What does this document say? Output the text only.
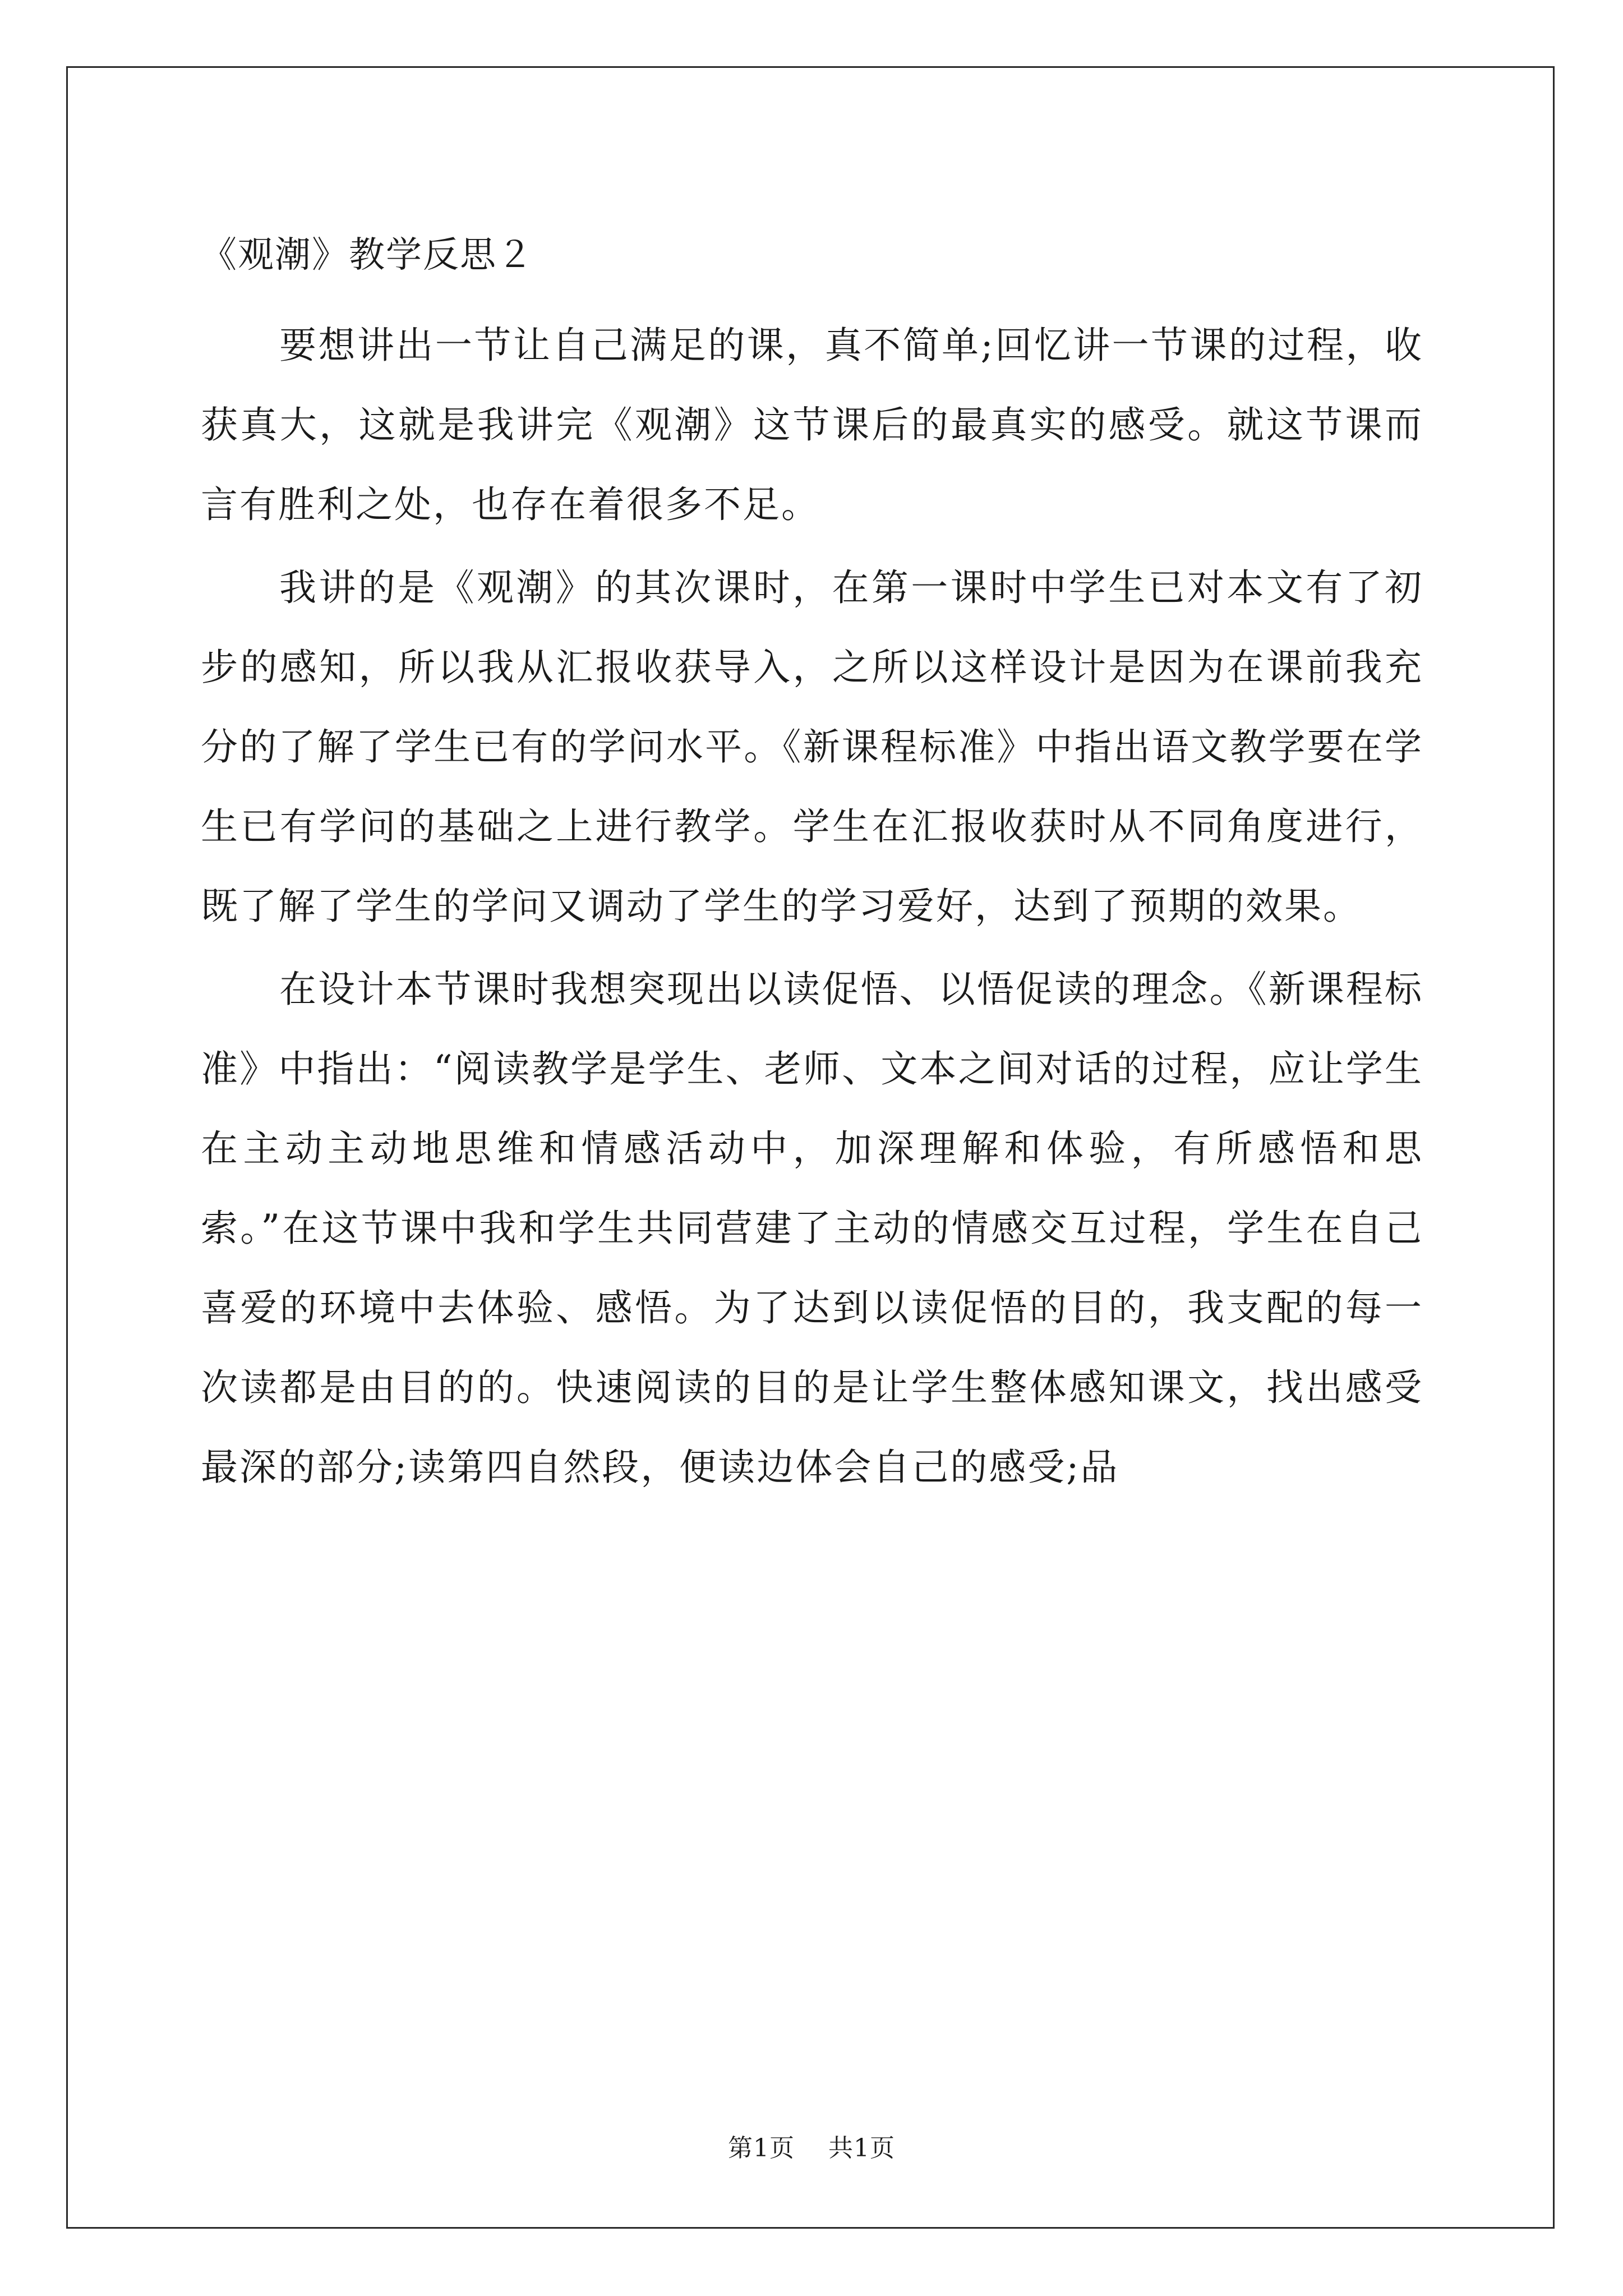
《观潮》教学反思２

要想讲出一节让自己满足的课，真不简单;回忆讲一节课的过程，收获真大，这就是我讲完《观潮》这节课后的最真实的感受。就这节课而言有胜利之处，也存在着很多不足。

我讲的是《观潮》的其次课时，在第一课时中学生已对本文有了初步的感知，所以我从汇报收获导入，之所以这样设计是因为在课前我充分的了解了学生已有的学问水平。《新课程标准》中指出语文教学要在学生已有学问的基础之上进行教学。学生在汇报收获时从不同角度进行，既了解了学生的学问又调动了学生的学习爱好，达到了预期的效果。

在设计本节课时我想突现出以读促悟、以悟促读的理念。《新课程标准》中指出：“阅读教学是学生、老师、文本之间对话的过程，应让学生在主动主动地思维和情感活动中，加深理解和体验，有所感悟和思索。”在这节课中我和学生共同营建了主动的情感交互过程，学生在自己喜爱的环境中去体验、感悟。为了达到以读促悟的目的，我支配的每一次读都是由目的的。快速阅读的目的是让学生整体感知课文，找出感受最深的部分;读第四自然段，便读边体会自己的感受;品

第1页 共1页
